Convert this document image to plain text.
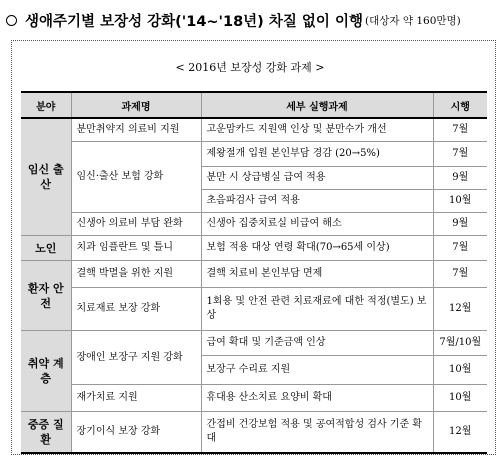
생애주기별 보장성 강화('14~'18년) 차질 없이 이행 (대상자 약 160만명)
< 2016년 보장성 강화 과제 >
분야	과제명	세부 실행과제	시행
임신 출산	분만취약지 의료비 지원	고운맘카드 지원액 인상 및 분만수가 개선	7월
	임신·출산 보험 강화	제왕절개 입원 본인부담 경감 (20→5%)	7월
		분만 시 상급병실 급여 적용	9월
		초음파검사 급여 적용	10월
	신생아 의료비 부담 완화	신생아 집중치료실 비급여 해소	9월
노인	치과 임플란트 및 틀니	보험 적용 대상 연령 확대(70→65세 이상)	7월
환자 안전	결핵 박멸을 위한 지원	결핵 치료비 본인부담 면제	7월
	치료재료 보장 강화	1회용 및 안전 관련 치료재료에 대한 적정(별도) 보상	12월
취약 계층	장애인 보장구 지원 강화	급여 확대 및 기준금액 인상	7월/10월
		보장구 수리료 지원	10월
	재가치료 지원	휴대용 산소치료 요양비 확대	10월
중증 질환	장기이식 보장 강화	간접비 건강보험 적용 및 공여적합성 검사 기준 확대	12월
